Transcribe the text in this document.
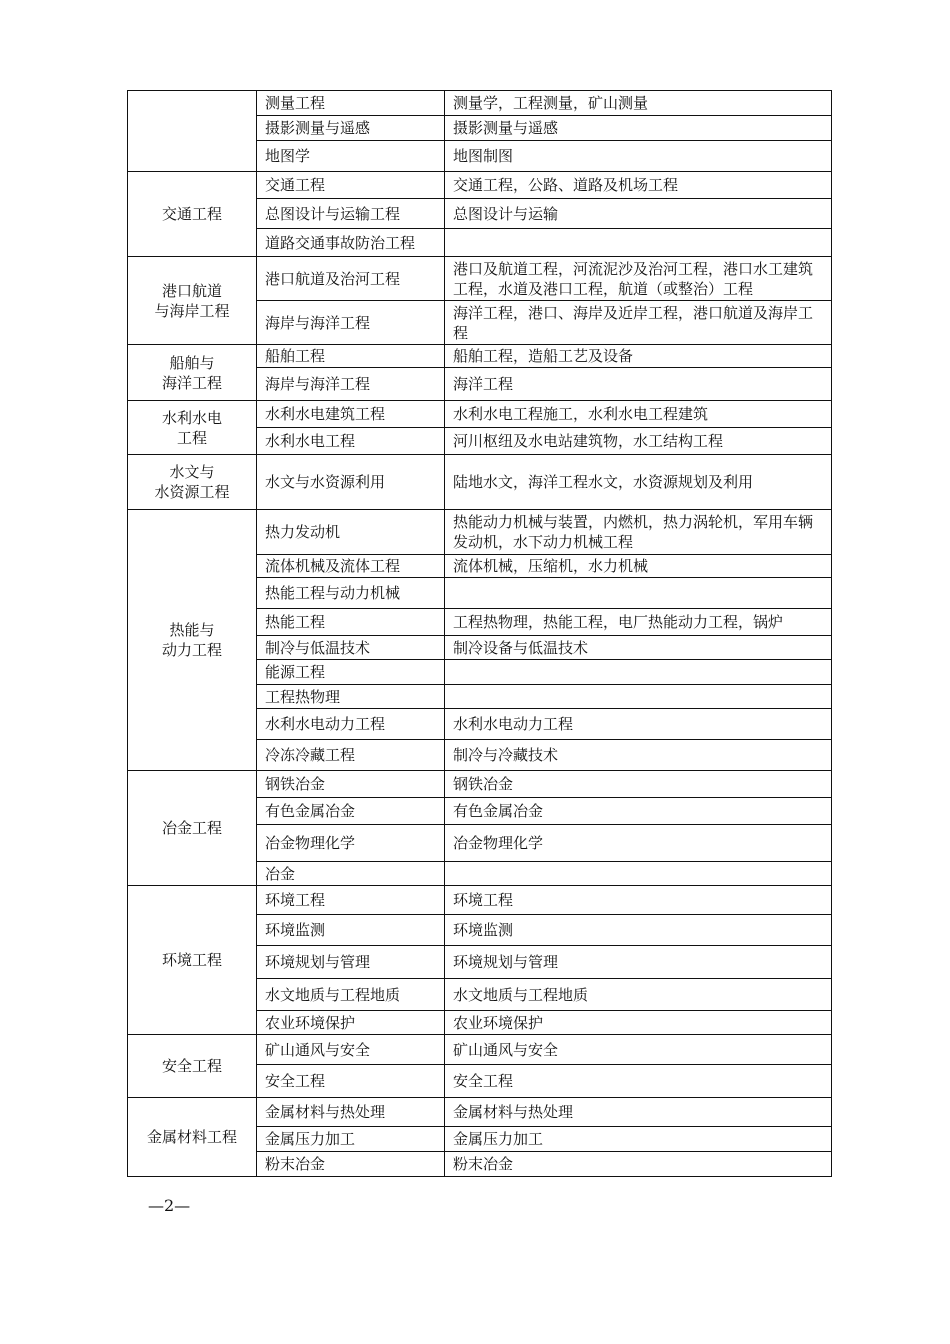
	测量工程	测量学，工程测量，矿山测量
	摄影测量与遥感	摄影测量与遥感
	地图学	地图制图

交通工程	交通工程	交通工程，公路、道路及机场工程
	总图设计与运输工程	总图设计与运输
	道路交通事故防治工程	

港口航道
与海岸工程	港口航道及治河工程	港口及航道工程，河流泥沙及治河工程，港口水工建筑工程，水道及港口工程，航道（或整治）工程
	海岸与海洋工程	海洋工程，港口、海岸及近岸工程，港口航道及海岸工程

船舶与
海洋工程	船舶工程	船舶工程，造船工艺及设备
	海岸与海洋工程	海洋工程

水利水电
工程	水利水电建筑工程	水利水电工程施工，水利水电工程建筑
	水利水电工程	河川枢纽及水电站建筑物，水工结构工程

水文与
水资源工程	水文与水资源利用	陆地水文，海洋工程水文，水资源规划及利用

热能与
动力工程	热力发动机	热能动力机械与装置，内燃机，热力涡轮机，军用车辆发动机，水下动力机械工程
	流体机械及流体工程	流体机械，压缩机，水力机械
	热能工程与动力机械	
	热能工程	工程热物理，热能工程，电厂热能动力工程，锅炉
	制冷与低温技术	制冷设备与低温技术
	能源工程	
	工程热物理	
	水利水电动力工程	水利水电动力工程
	冷冻冷藏工程	制冷与冷藏技术

冶金工程	钢铁冶金	钢铁冶金
	有色金属冶金	有色金属冶金
	冶金物理化学	冶金物理化学
	冶金	

环境工程	环境工程	环境工程
	环境监测	环境监测
	环境规划与管理	环境规划与管理
	水文地质与工程地质	水文地质与工程地质
	农业环境保护	农业环境保护

安全工程	矿山通风与安全	矿山通风与安全
	安全工程	安全工程

金属材料工程	金属材料与热处理	金属材料与热处理
	金属压力加工	金属压力加工
	粉末冶金	粉末冶金
—2—
